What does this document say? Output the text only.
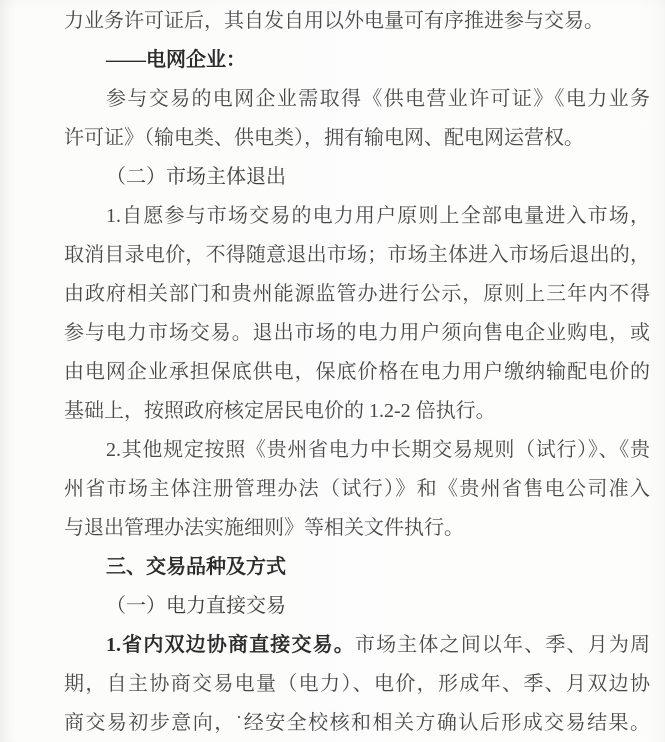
力业务许可证后，其自发自用以外电量可有序推进参与交易。
——电网企业：
参与交易的电网企业需取得《供电营业许可证》《电力业务
许可证》（输电类、供电类），拥有输电网、配电网运营权。
（二）市场主体退出
1.自愿参与市场交易的电力用户原则上全部电量进入市场，
取消目录电价，不得随意退出市场；市场主体进入市场后退出的，
由政府相关部门和贵州能源监管办进行公示，原则上三年内不得
参与电力市场交易。退出市场的电力用户须向售电企业购电，或
由电网企业承担保底供电，保底价格在电力用户缴纳输配电价的
基础上，按照政府核定居民电价的 1.2-2 倍执行。
2.其他规定按照《贵州省电力中长期交易规则（试行）》、《贵
州省市场主体注册管理办法（试行）》和《贵州省售电公司准入
与退出管理办法实施细则》等相关文件执行。
三、交易品种及方式
（一）电力直接交易
1.省内双边协商直接交易。市场主体之间以年、季、月为周
期，自主协商交易电量（电力）、电价，形成年、季、月双边协
商交易初步意向，˙经安全校核和相关方确认后形成交易结果。
